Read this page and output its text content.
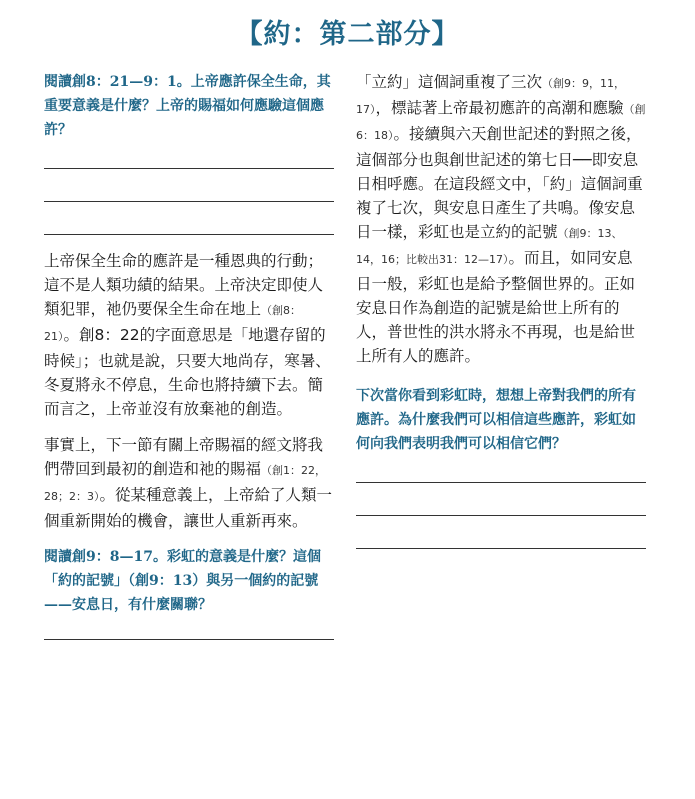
【約：第二部分】

閱讀創8：21—9：1。上帝應許保全生命，其重要意義是什麼？上帝的賜福如何應驗這個應許？

上帝保全生命的應許是一種恩典的行動；這不是人類功績的結果。上帝決定即使人類犯罪，祂仍要保全生命在地上（創8：21）。創8：22的字面意思是「地還存留的時候」；也就是說，只要大地尚存，寒暑、冬夏將永不停息，生命也將持續下去。簡而言之，上帝並沒有放棄祂的創造。

事實上，下一節有關上帝賜福的經文將我們帶回到最初的創造和祂的賜福（創1：22，28；2：3）。從某種意義上，上帝給了人類一個重新開始的機會，讓世人重新再來。

閱讀創9：8—17。彩虹的意義是什麼？這個「約的記號」（創9：13）與另一個約的記號——安息日，有什麼關聯？

「立約」這個詞重複了三次（創9：9，11，17），標誌著上帝最初應許的高潮和應驗（創6：18）。接續與六天創世記述的對照之後，這個部分也與創世記述的第七日──即安息日相呼應。在這段經文中，「約」這個詞重複了七次，與安息日產生了共鳴。像安息日一樣，彩虹也是立約的記號（創9：13、14，16；比較出31：12—17）。而且，如同安息日一般，彩虹也是給予整個世界的。正如安息日作為創造的記號是給世上所有的人，普世性的洪水將永不再現，也是給世上所有人的應許。

下次當你看到彩虹時，想想上帝對我們的所有應許。為什麼我們可以相信這些應許，彩虹如何向我們表明我們可以相信它們？
